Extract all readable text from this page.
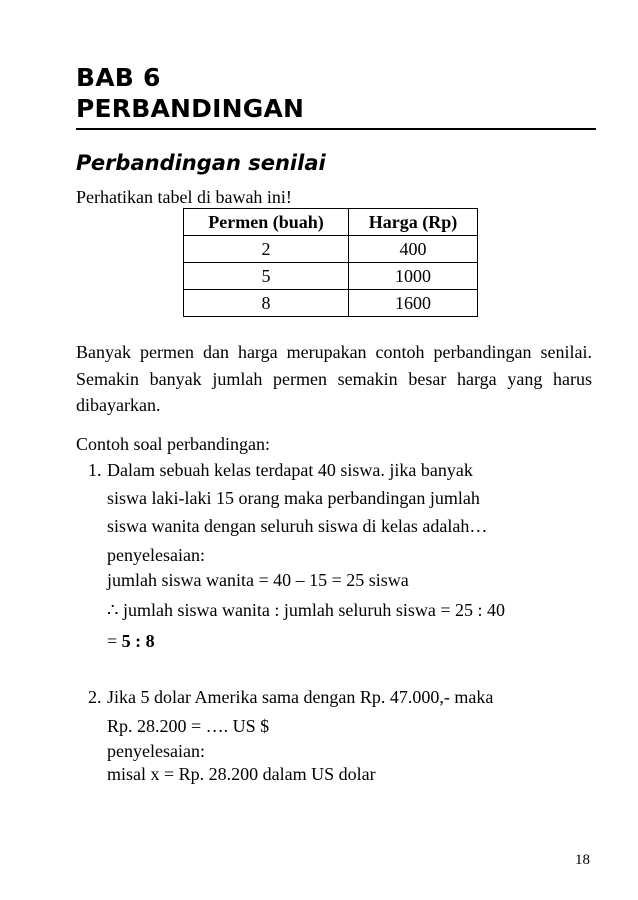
BAB 6
PERBANDINGAN
Perbandingan senilai
Perhatikan tabel di bawah ini!
Permen (buah)	Harga (Rp)
2	400
5	1000
8	1600
Banyak permen dan harga merupakan contoh perbandingan senilai. Semakin banyak jumlah permen semakin besar harga yang harus dibayarkan.
Contoh soal perbandingan:
1. Dalam sebuah kelas terdapat 40 siswa. jika banyak
siswa laki-laki 15 orang maka perbandingan jumlah
siswa wanita dengan seluruh siswa di kelas adalah…
penyelesaian:
jumlah siswa wanita = 40 – 15 = 25 siswa
∴ jumlah siswa wanita : jumlah seluruh siswa = 25 : 40
= 5 : 8
2. Jika 5 dolar Amerika sama dengan Rp. 47.000,- maka
Rp. 28.200 = …. US $
penyelesaian:
misal x = Rp. 28.200 dalam US dolar
18
